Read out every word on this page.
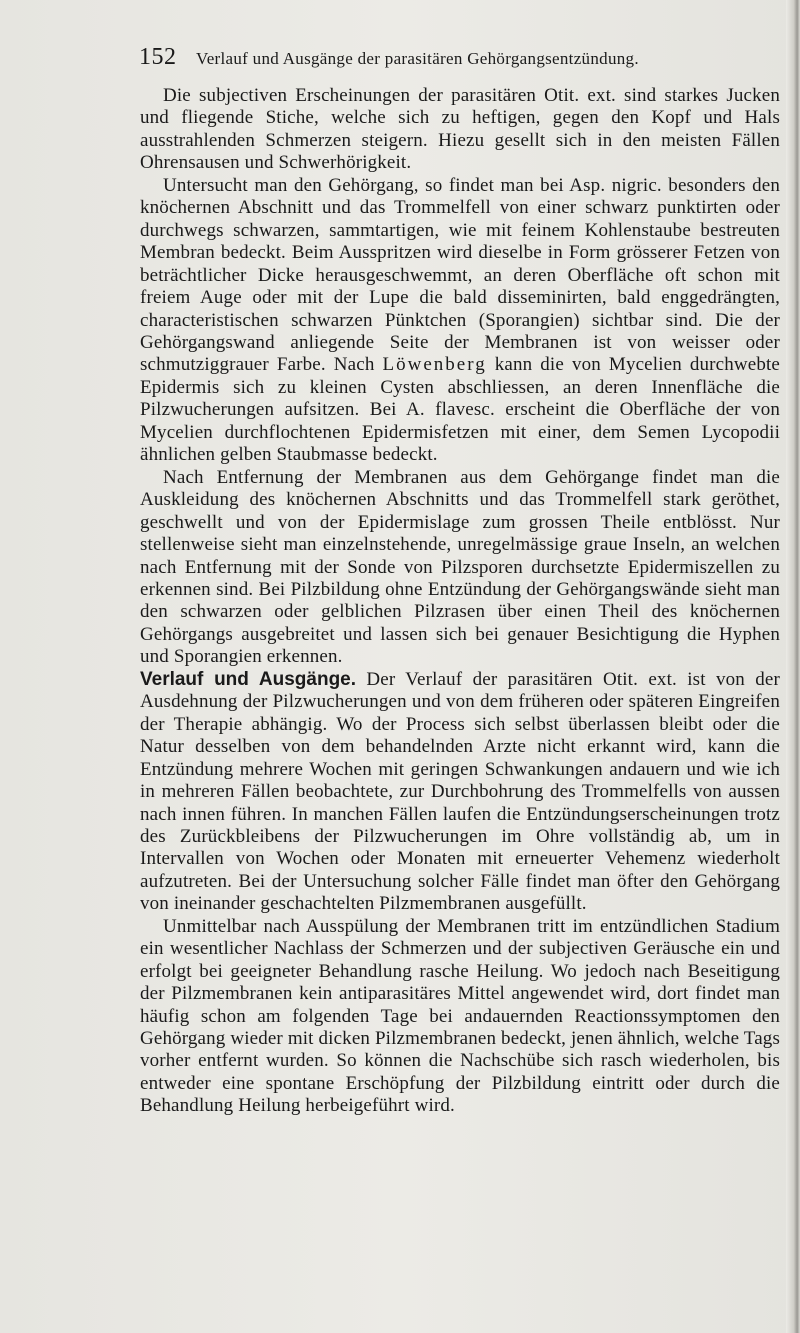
152 Verlauf und Ausgänge der parasitären Gehörgangsentzündung.

Die subjectiven Erscheinungen der parasitären Otit. ext. sind starkes Jucken und fliegende Stiche, welche sich zu heftigen, gegen den Kopf und Hals ausstrahlenden Schmerzen steigern. Hiezu gesellt sich in den meisten Fällen Ohrensausen und Schwerhörigkeit.

Untersucht man den Gehörgang, so findet man bei Asp. nigric. besonders den knöchernen Abschnitt und das Trommelfell von einer schwarz punktirten oder durchwegs schwarzen, sammtartigen, wie mit feinem Kohlenstaube bestreuten Membran bedeckt. Beim Ausspritzen wird dieselbe in Form grösserer Fetzen von beträchtlicher Dicke herausgeschwemmt, an deren Oberfläche oft schon mit freiem Auge oder mit der Lupe die bald disseminirten, bald enggedrängten, characteristischen schwarzen Pünktchen (Sporangien) sichtbar sind. Die der Gehörgangswand anliegende Seite der Membranen ist von weisser oder schmutziggrauer Farbe. Nach Löwenberg kann die von Mycelien durchwebte Epidermis sich zu kleinen Cysten abschliessen, an deren Innenfläche die Pilzwucherungen aufsitzen. Bei A. flavesc. erscheint die Oberfläche der von Mycelien durchflochtenen Epidermisfetzen mit einer, dem Semen Lycopodii ähnlichen gelben Staubmasse bedeckt.

Nach Entfernung der Membranen aus dem Gehörgange findet man die Auskleidung des knöchernen Abschnitts und das Trommelfell stark geröthet, geschwellt und von der Epidermislage zum grossen Theile entblösst. Nur stellenweise sieht man einzelnstehende, unregelmässige graue Inseln, an welchen nach Entfernung mit der Sonde von Pilzsporen durchsetzte Epidermiszellen zu erkennen sind. Bei Pilzbildung ohne Entzündung der Gehörgangswände sieht man den schwarzen oder gelblichen Pilzrasen über einen Theil des knöchernen Gehörgangs ausgebreitet und lassen sich bei genauer Besichtigung die Hyphen und Sporangien erkennen.

Verlauf und Ausgänge. Der Verlauf der parasitären Otit. ext. ist von der Ausdehnung der Pilzwucherungen und von dem früheren oder späteren Eingreifen der Therapie abhängig. Wo der Process sich selbst überlassen bleibt oder die Natur desselben von dem behandelnden Arzte nicht erkannt wird, kann die Entzündung mehrere Wochen mit geringen Schwankungen andauern und wie ich in mehreren Fällen beobachtete, zur Durchbohrung des Trommelfells von aussen nach innen führen. In manchen Fällen laufen die Entzündungserscheinungen trotz des Zurückbleibens der Pilzwucherungen im Ohre vollständig ab, um in Intervallen von Wochen oder Monaten mit erneuerter Vehemenz wiederholt aufzutreten. Bei der Untersuchung solcher Fälle findet man öfter den Gehörgang von ineinander geschachtelten Pilzmembranen ausgefüllt.

Unmittelbar nach Ausspülung der Membranen tritt im entzündlichen Stadium ein wesentlicher Nachlass der Schmerzen und der subjectiven Geräusche ein und erfolgt bei geeigneter Behandlung rasche Heilung. Wo jedoch nach Beseitigung der Pilzmembranen kein antiparasitäres Mittel angewendet wird, dort findet man häufig schon am folgenden Tage bei andauernden Reactionssymptomen den Gehörgang wieder mit dicken Pilzmembranen bedeckt, jenen ähnlich, welche Tags vorher entfernt wurden. So können die Nachschübe sich rasch wiederholen, bis entweder eine spontane Erschöpfung der Pilzbildung eintritt oder durch die Behandlung Heilung herbeigeführt wird.
